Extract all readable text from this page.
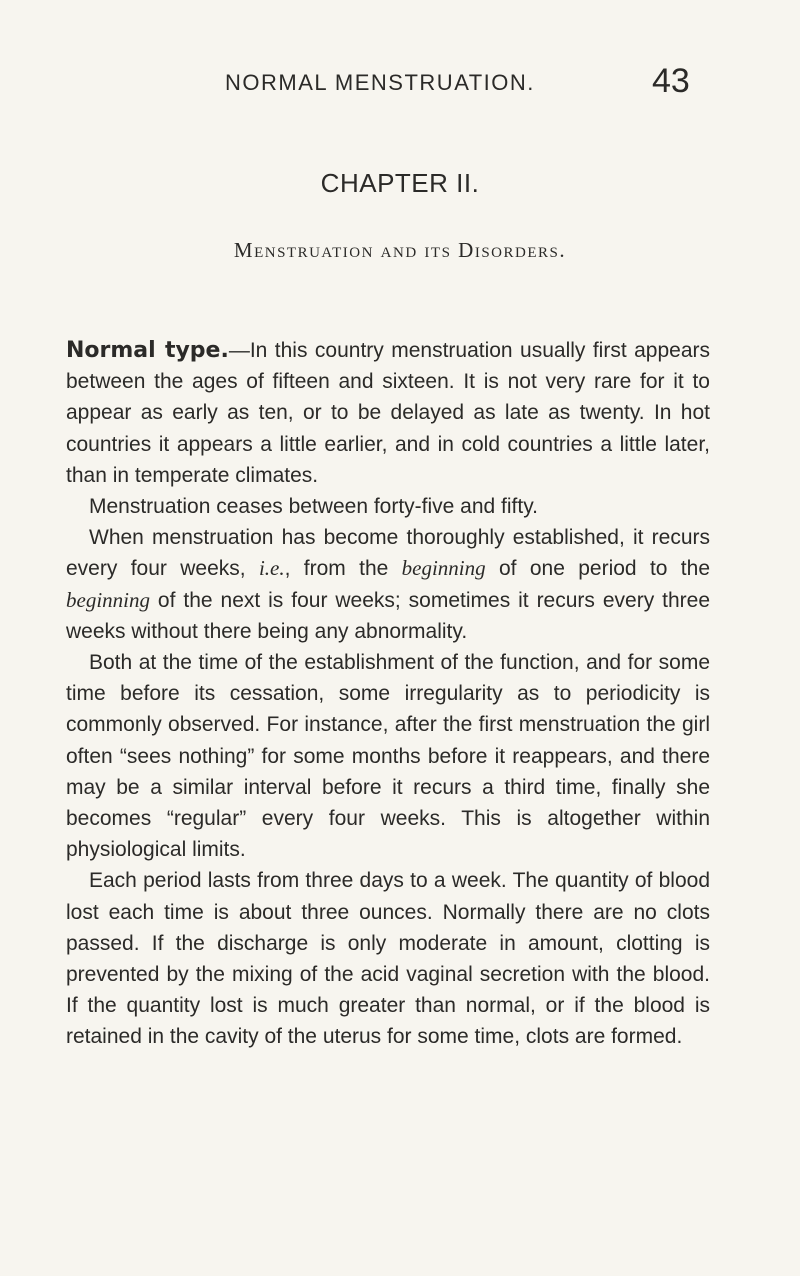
NORMAL MENSTRUATION.	43
CHAPTER II.
Menstruation and its Disorders.

Normal type.—In this country menstruation usually first appears between the ages of fifteen and sixteen. It is not very rare for it to appear as early as ten, or to be delayed as late as twenty. In hot countries it appears a little earlier, and in cold countries a little later, than in temperate climates.

Menstruation ceases between forty-five and fifty.

When menstruation has become thoroughly established, it recurs every four weeks, i.e., from the beginning of one period to the beginning of the next is four weeks; sometimes it recurs every three weeks without there being any abnormality.

Both at the time of the establishment of the function, and for some time before its cessation, some irregularity as to periodicity is commonly observed. For instance, after the first menstruation the girl often “sees nothing” for some months before it reappears, and there may be a similar interval before it recurs a third time, finally she becomes “regular” every four weeks. This is altogether within physiological limits.

Each period lasts from three days to a week. The quantity of blood lost each time is about three ounces. Normally there are no clots passed. If the discharge is only moderate in amount, clotting is prevented by the mixing of the acid vaginal secretion with the blood. If the quantity lost is much greater than normal, or if the blood is retained in the cavity of the uterus for some time, clots are formed.
